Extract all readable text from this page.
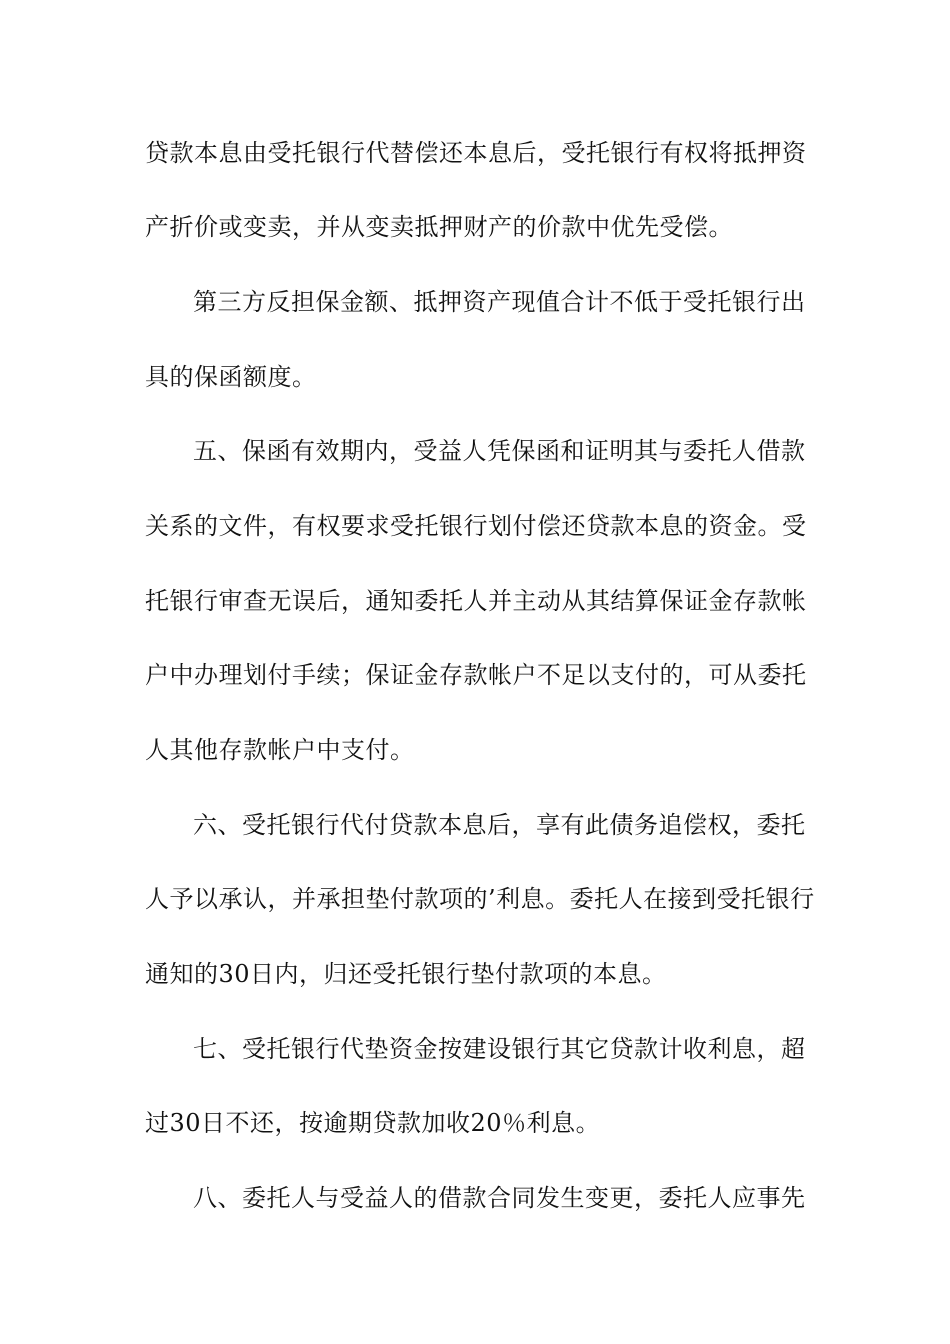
贷款本息由受托银行代替偿还本息后，受托银行有权将抵押资
产折价或变卖，并从变卖抵押财产的价款中优先受偿。
第三方反担保金额、抵押资产现值合计不低于受托银行出
具的保函额度。
五、保函有效期内，受益人凭保函和证明其与委托人借款
关系的文件，有权要求受托银行划付偿还贷款本息的资金。受
托银行审查无误后，通知委托人并主动从其结算保证金存款帐
户中办理划付手续；保证金存款帐户不足以支付的，可从委托
人其他存款帐户中支付。
六、受托银行代付贷款本息后，享有此债务追偿权，委托
人予以承认，并承担垫付款项的’利息。委托人在接到受托银行
通知的30日内，归还受托银行垫付款项的本息。
七、受托银行代垫资金按建设银行其它贷款计收利息，超
过30日不还，按逾期贷款加收20％利息。
八、委托人与受益人的借款合同发生变更，委托人应事先
